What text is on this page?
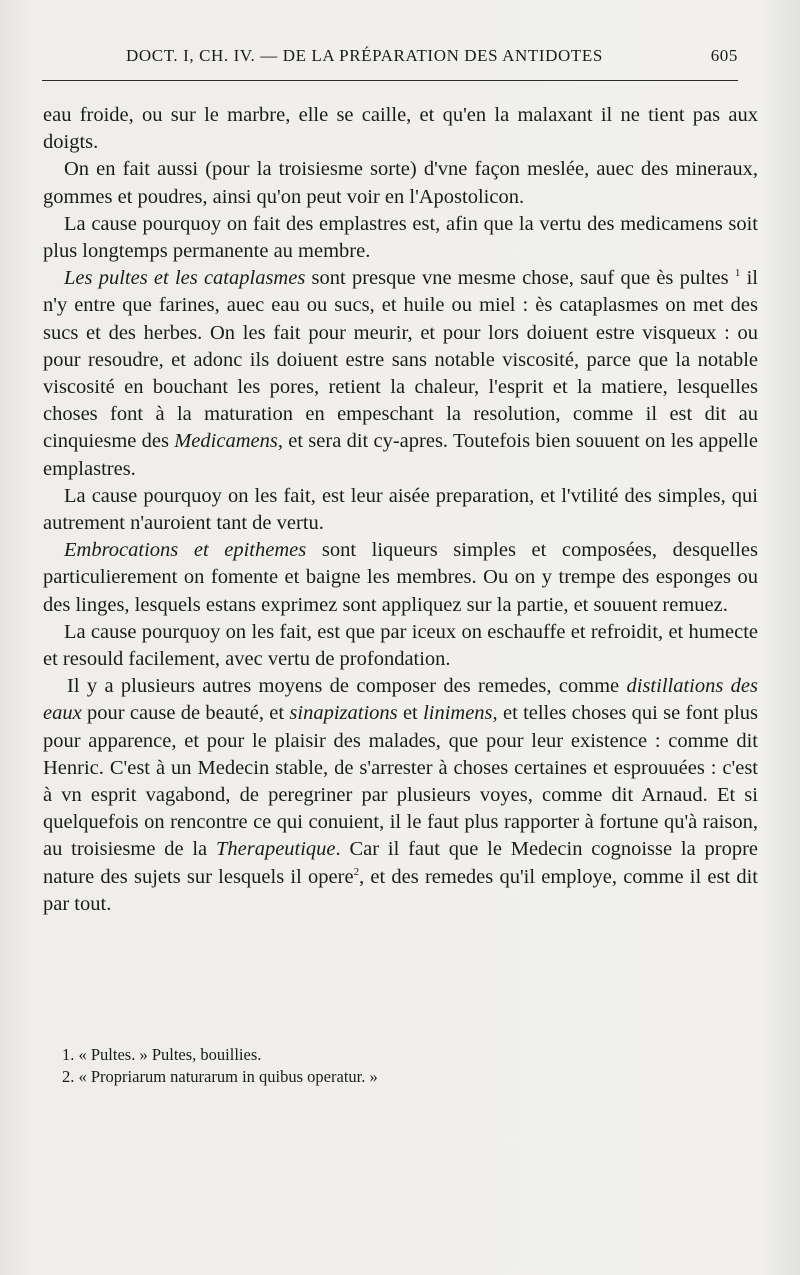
DOCT. I, CH. IV. — DE LA PRÉPARATION DES ANTIDOTES	605

eau froide, ou sur le marbre, elle se caille, et qu'en la malaxant il ne tient pas aux doigts.

On en fait aussi (pour la troisiesme sorte) d'vne façon meslée, auec des mineraux, gommes et poudres, ainsi qu'on peut voir en l'Apostolicon.

La cause pourquoy on fait des emplastres est, afin que la vertu des medicamens soit plus longtemps permanente au membre.

Les pultes et les cataplasmes sont presque vne mesme chose, sauf que ès pultes $^1$ il n'y entre que farines, auec eau ou sucs, et huile ou miel : ès cataplasmes on met des sucs et des herbes. On les fait pour meurir, et pour lors doiuent estre visqueux : ou pour resoudre, et adonc ils doiuent estre sans notable viscosité, parce que la notable viscosité en bouchant les pores, retient la chaleur, l'esprit et la matiere, lesquelles choses font à la maturation en empeschant la resolution, comme il est dit au cinquiesme des Medicamens, et sera dit cy-apres. Toutefois bien souuent on les appelle emplastres.

La cause pourquoy on les fait, est leur aisée preparation, et l'vtilité des simples, qui autrement n'auroient tant de vertu.

Embrocations et epithemes sont liqueurs simples et composées, desquelles particulierement on fomente et baigne les membres. Ou on y trempe des esponges ou des linges, lesquels estans exprimez sont appliquez sur la partie, et souuent remuez.

La cause pourquoy on les fait, est que par iceux on eschauffe et refroidit, et humecte et resould facilement, avec vertu de profondation.

Il y a plusieurs autres moyens de composer des remedes, comme distillations des eaux pour cause de beauté, et sinapizations et linimens, et telles choses qui se font plus pour apparence, et pour le plaisir des malades, que pour leur existence : comme dit Henric. C'est à un Medecin stable, de s'arrester à choses certaines et esprouuées : c'est à vn esprit vagabond, de peregriner par plusieurs voyes, comme dit Arnaud. Et si quelquefois on rencontre ce qui conuient, il le faut plus rapporter à fortune qu'à raison, au troisiesme de la Therapeutique. Car il faut que le Medecin cognoisse la propre nature des sujets sur lesquels il opere$^2$, et des remedes qu'il employe, comme il est dit par tout.

1. « Pultes. » Pultes, bouillies.
2. « Propriarum naturarum in quibus operatur. »
